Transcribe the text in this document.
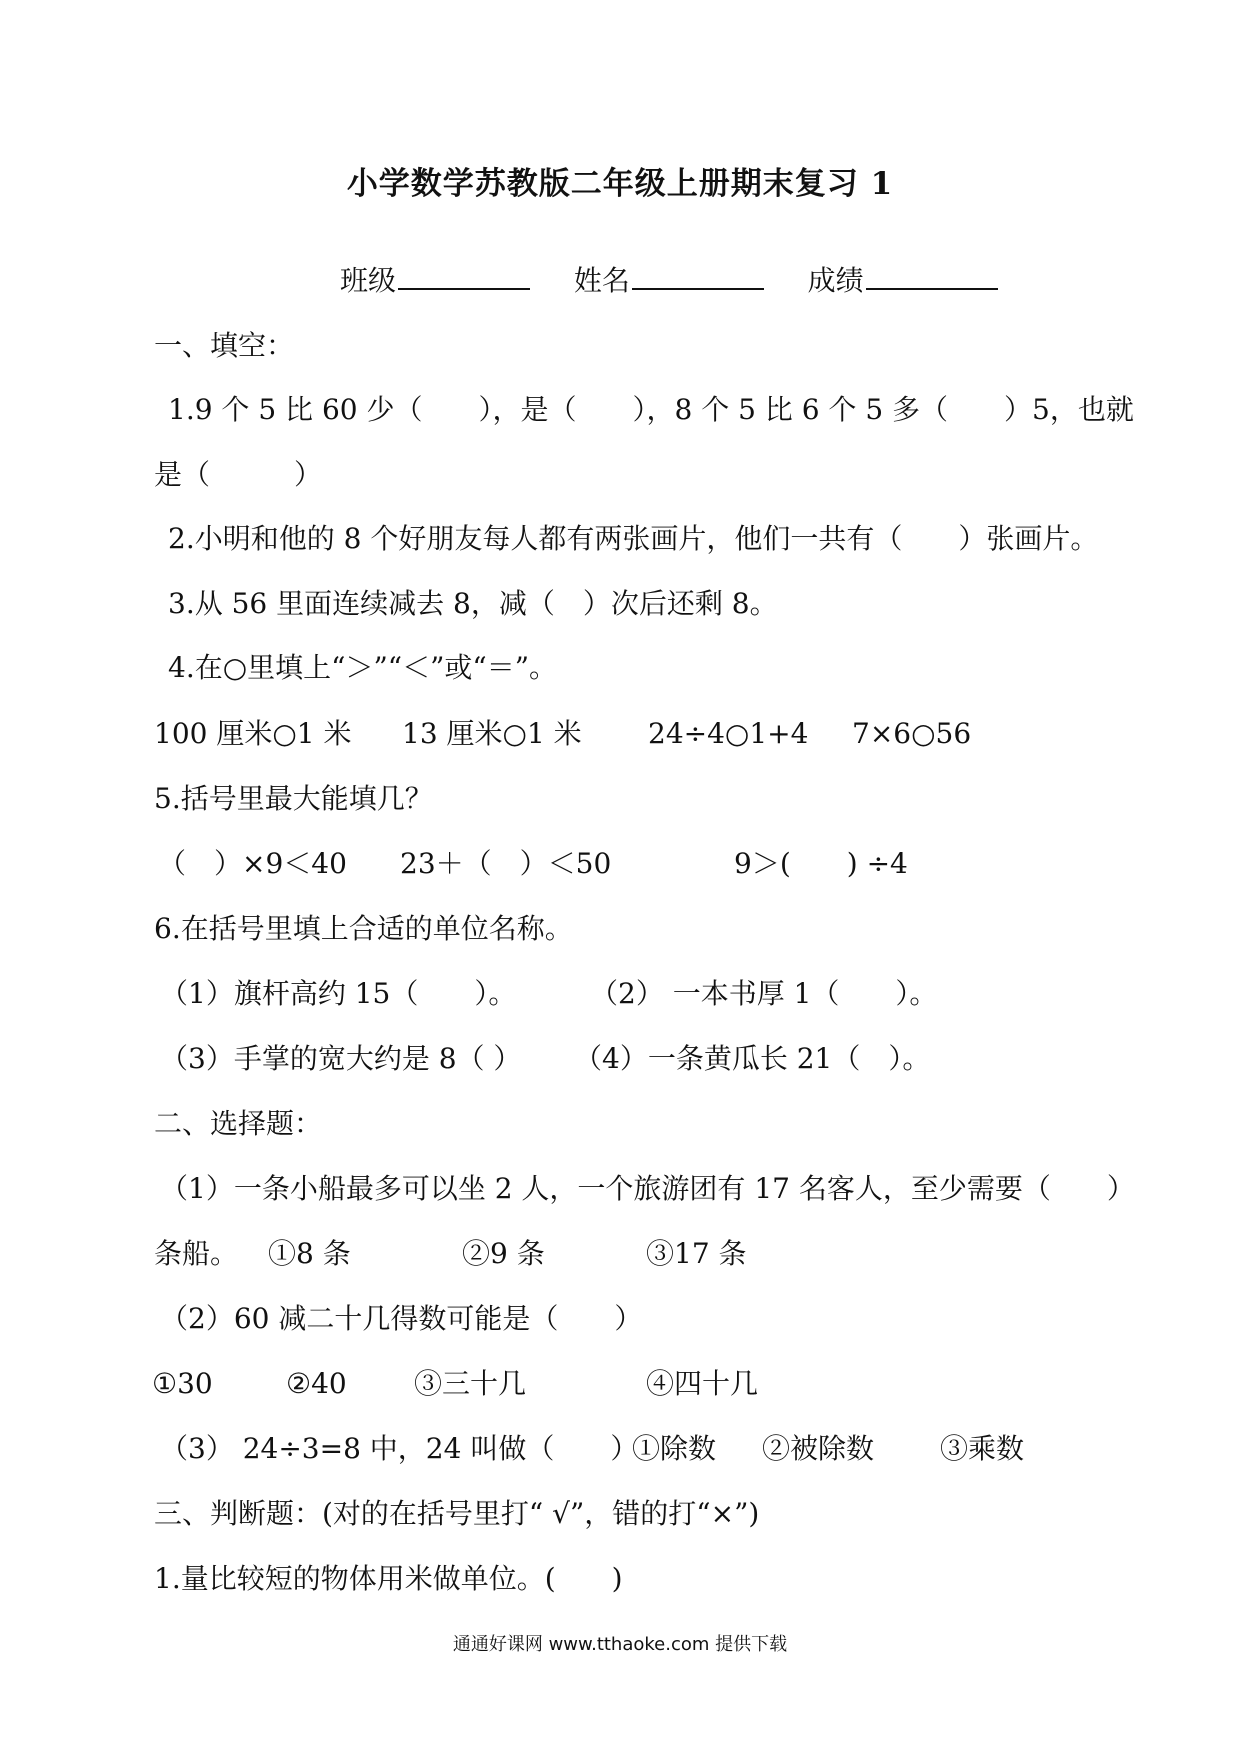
小学数学苏教版二年级上册期末复习 1
班级	姓名	成绩
一、填空：
1.9 个 5 比 60 少（　　），是（　　），8 个 5 比 6 个 5 多（　　）5，也就
是（　　　）
2.小明和他的 8 个好朋友每人都有两张画片，他们一共有（　　）张画片。
3.从 56 里面连续减去 8，减（　）次后还剩 8。
4.在○里填上“＞”“＜”或“＝”。
100 厘米○1 米 13 厘米○1 米 24÷4○1+4 7×6○56
5.括号里最大能填几？
（　）×9＜40 23＋（　）＜50	9＞(　　) ÷4
6.在括号里填上合适的单位名称。
（1）旗杆高约 15（　　）。	（2） 一本书厚 1（　　）。
（3）手掌的宽大约是 8（ ） （4）一条黄瓜长 21（　）。
二、选择题：
（1）一条小船最多可以坐 2 人，一个旅游团有 17 名客人，至少需要（　　）
条船。 ①8 条	②9 条	③17 条
（2）60 减二十几得数可能是（　　）
①30	②40 ③三十几	④四十几
（3） 24÷3=8 中，24 叫做（　　）
①除数 ②被除数 ③乘数
三、判断题：(对的在括号里打“ √”，错的打“×”)
1.量比较短的物体用米做单位。(　　)
通通好课网 www.tthaoke.com 提供下载
